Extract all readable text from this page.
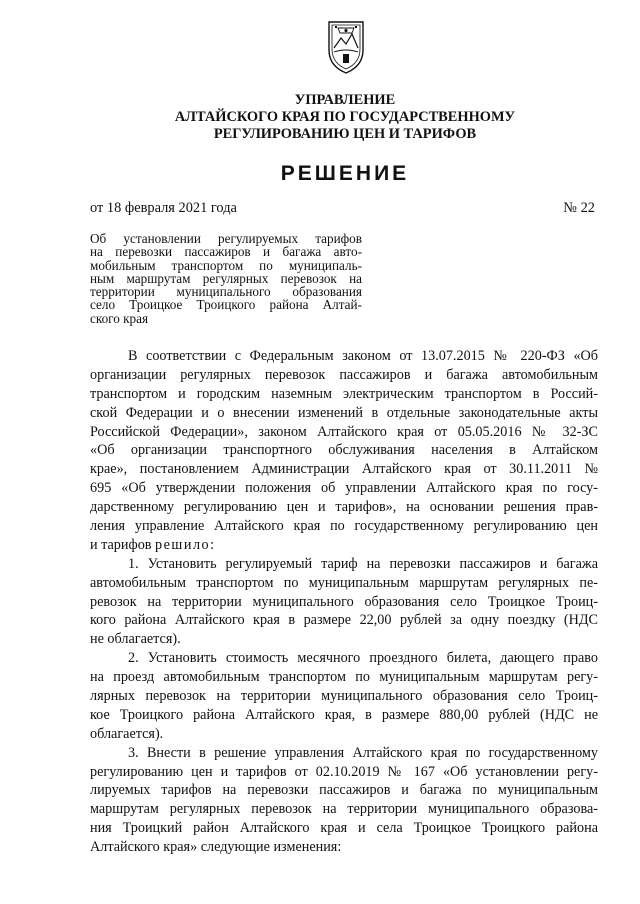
УПРАВЛЕНИЕ
АЛТАЙСКОГО КРАЯ ПО ГОСУДАРСТВЕННОМУ
РЕГУЛИРОВАНИЮ ЦЕН И ТАРИФОВ
РЕШЕНИЕ
от 18 февраля 2021 года	№ 22
Об установлении регулируемых тарифов
на перевозки пассажиров и багажа авто-
мобильным транспортом по муниципаль-
ным маршрутам регулярных перевозок на
территории муниципального образования
село Троицкое Троицкого района Алтай-
ского края
В соответствии с Федеральным законом от 13.07.2015 № 220-ФЗ «Об
организации регулярных перевозок пассажиров и багажа автомобильным
транспортом и городским наземным электрическим транспортом в Россий-
ской Федерации и о внесении изменений в отдельные законодательные акты
Российской Федерации», законом Алтайского края от 05.05.2016 № 32-ЗС
«Об организации транспортного обслуживания населения в Алтайском
крае», постановлением Администрации Алтайского края от 30.11.2011 №
695 «Об утверждении положения об управлении Алтайского края по госу-
дарственному регулированию цен и тарифов», на основании решения прав-
ления управление Алтайского края по государственному регулированию цен
и тарифов решило:
1. Установить регулируемый тариф на перевозки пассажиров и багажа
автомобильным транспортом по муниципальным маршрутам регулярных пе-
ревозок на территории муниципального образования село Троицкое Троиц-
кого района Алтайского края в размере 22,00 рублей за одну поездку (НДС
не облагается).
2. Установить стоимость месячного проездного билета, дающего право
на проезд автомобильным транспортом по муниципальным маршрутам регу-
лярных перевозок на территории муниципального образования село Троиц-
кое Троицкого района Алтайского края, в размере 880,00 рублей (НДС не
облагается).
3. Внести в решение управления Алтайского края по государственному
регулированию цен и тарифов от 02.10.2019 № 167 «Об установлении регу-
лируемых тарифов на перевозки пассажиров и багажа по муниципальным
маршрутам регулярных перевозок на территории муниципального образова-
ния Троицкий район Алтайского края и села Троицкое Троицкого района
Алтайского края» следующие изменения:
